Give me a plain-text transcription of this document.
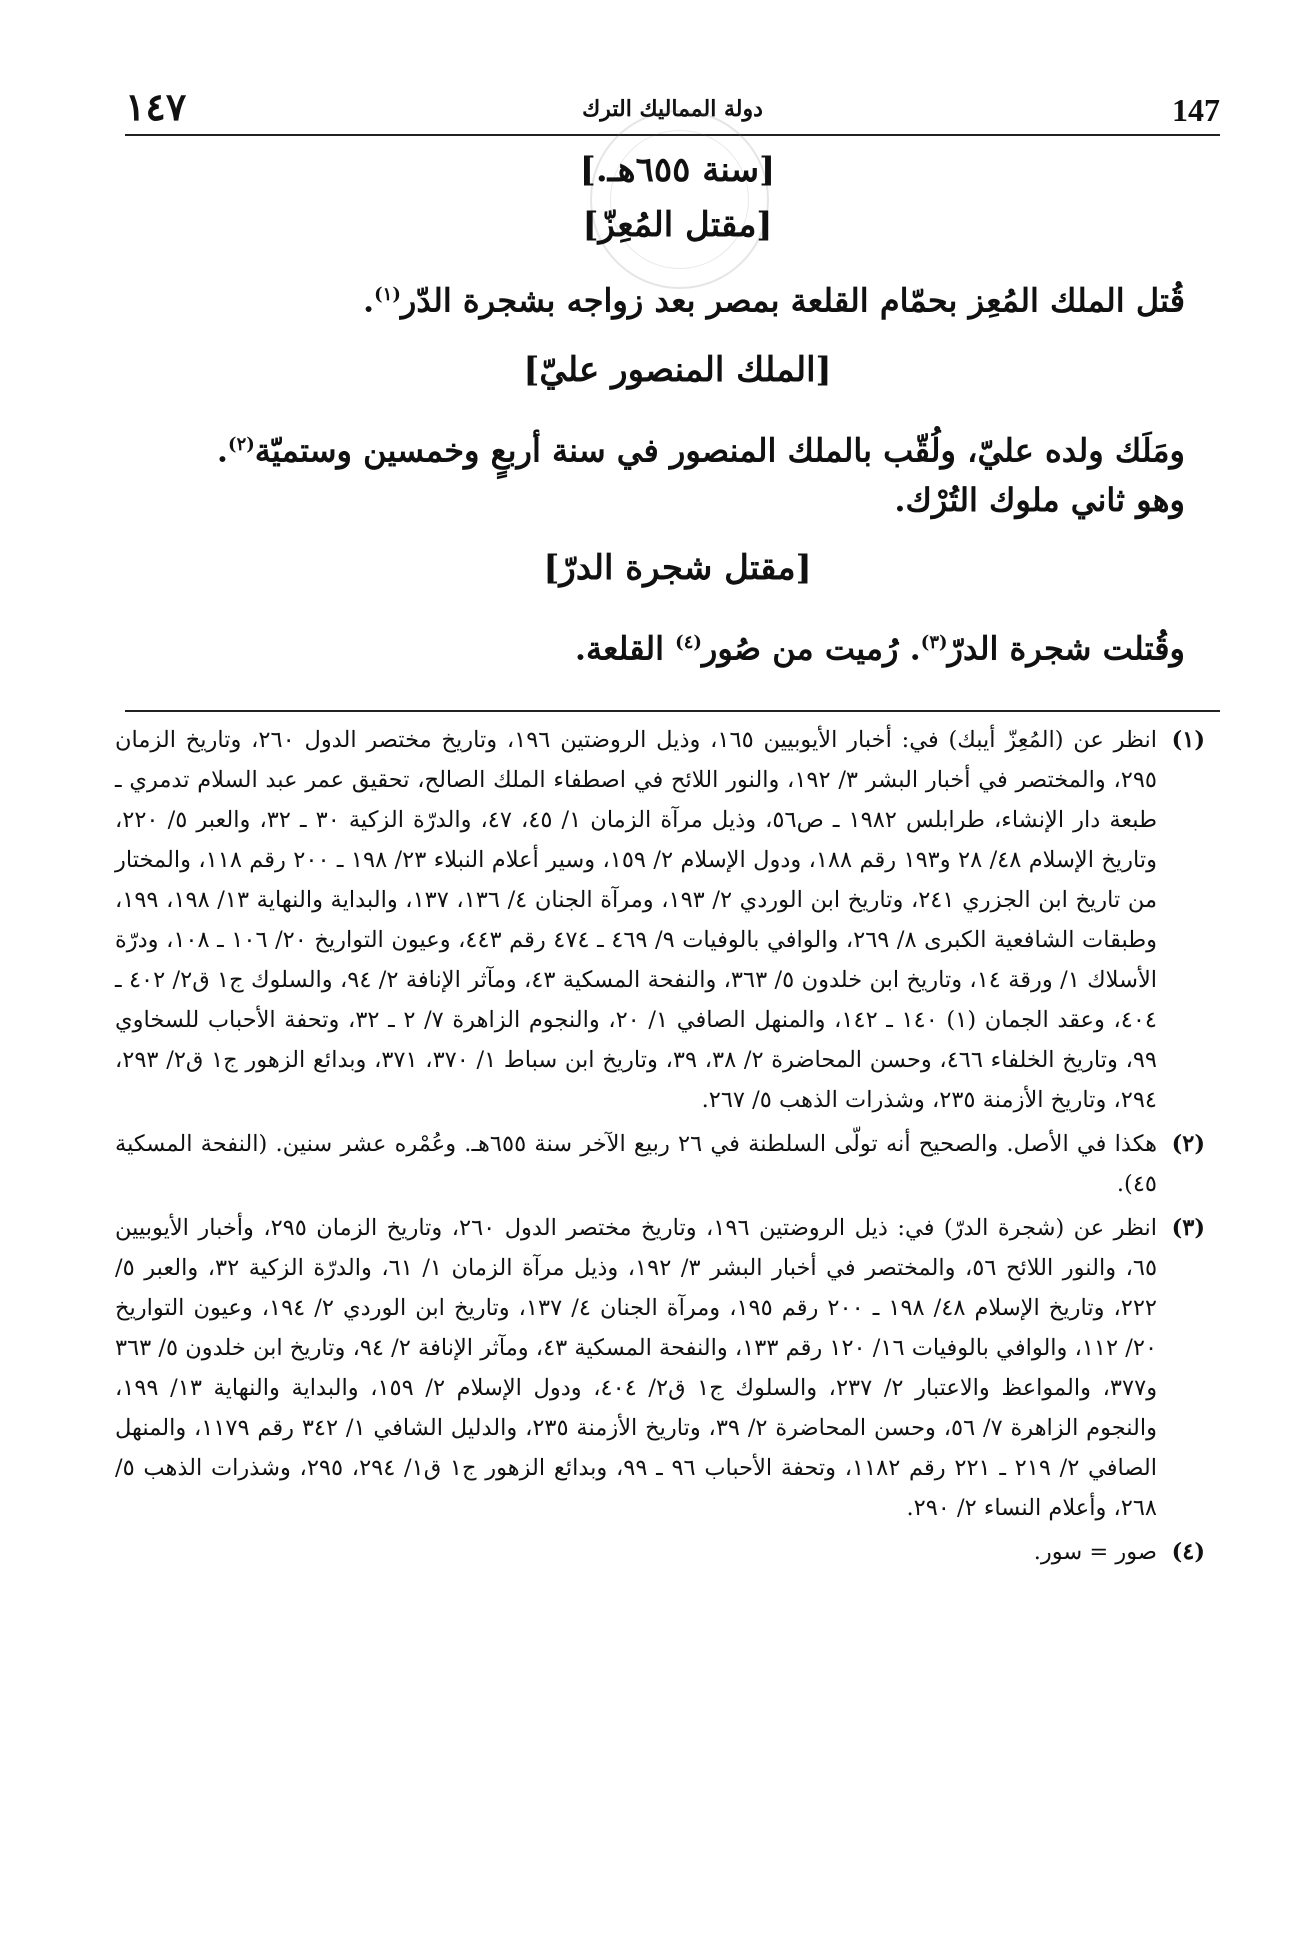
١٤٧	دولة المماليك الترك	147
[سنة ٦٥٥هـ.]
[مقتل المُعِزّ]
قُتل الملك المُعِز بحمّام القلعة بمصر بعد زواجه بشجرة الدّر$^{(١)}$.
[الملك المنصور عليّ]
ومَلَك ولده عليّ، ولُقّب بالملك المنصور في سنة أربعٍ وخمسين وستميّة$^{(٢)}$.
وهو ثاني ملوك التُرْك.
[مقتل شجرة الدرّ]
وقُتلت شجرة الدرّ$^{(٣)}$. رُميت من صُور$^{(٤)}$ القلعة.

(١)
انظر عن (المُعِزّ أيبك) في: أخبار الأيوبيين ١٦٥، وذيل الروضتين ١٩٦، وتاريخ مختصر الدول ٢٦٠، وتاريخ الزمان ٢٩٥، والمختصر في أخبار البشر ٣/ ١٩٢، والنور اللائح في اصطفاء الملك الصالح، تحقيق عمر عبد السلام تدمري ـ طبعة دار الإنشاء، طرابلس ١٩٨٢ ـ ص٥٦، وذيل مرآة الزمان ١/ ٤٥، ٤٧، والدرّة الزكية ٣٠ ـ ٣٢، والعبر ٥/ ٢٢٠، وتاريخ الإسلام ٤٨/ ٢٨ و١٩٣ رقم ١٨٨، ودول الإسلام ٢/ ١٥٩، وسير أعلام النبلاء ٢٣/ ١٩٨ ـ ٢٠٠ رقم ١١٨، والمختار من تاريخ ابن الجزري ٢٤١، وتاريخ ابن الوردي ٢/ ١٩٣، ومرآة الجنان ٤/ ١٣٦، ١٣٧، والبداية والنهاية ١٣/ ١٩٨، ١٩٩، وطبقات الشافعية الكبرى ٨/ ٢٦٩، والوافي بالوفيات ٩/ ٤٦٩ ـ ٤٧٤ رقم ٤٤٣، وعيون التواريخ ٢٠/ ١٠٦ ـ ١٠٨، ودرّة الأسلاك ١/ ورقة ١٤، وتاريخ ابن خلدون ٥/ ٣٦٣، والنفحة المسكية ٤٣، ومآثر الإنافة ٢/ ٩٤، والسلوك ج١ ق٢/ ٤٠٢ ـ ٤٠٤، وعقد الجمان (١) ١٤٠ ـ ١٤٢، والمنهل الصافي ١/ ٢٠، والنجوم الزاهرة ٧/ ٢ ـ ٣٢، وتحفة الأحباب للسخاوي ٩٩، وتاريخ الخلفاء ٤٦٦، وحسن المحاضرة ٢/ ٣٨، ٣٩، وتاريخ ابن سباط ١/ ٣٧٠، ٣٧١، وبدائع الزهور ج١ ق٢/ ٢٩٣، ٢٩٤، وتاريخ الأزمنة ٢٣٥، وشذرات الذهب ٥/ ٢٦٧.

(٢)
هكذا في الأصل. والصحيح أنه تولّى السلطنة في ٢٦ ربيع الآخر سنة ٦٥٥هـ. وعُمْره عشر سنين. (النفحة المسكية ٤٥).

(٣)
انظر عن (شجرة الدرّ) في: ذيل الروضتين ١٩٦، وتاريخ مختصر الدول ٢٦٠، وتاريخ الزمان ٢٩٥، وأخبار الأيوبيين ٦٥، والنور اللائح ٥٦، والمختصر في أخبار البشر ٣/ ١٩٢، وذيل مرآة الزمان ١/ ٦١، والدرّة الزكية ٣٢، والعبر ٥/ ٢٢٢، وتاريخ الإسلام ٤٨/ ١٩٨ ـ ٢٠٠ رقم ١٩٥، ومرآة الجنان ٤/ ١٣٧، وتاريخ ابن الوردي ٢/ ١٩٤، وعيون التواريخ ٢٠/ ١١٢، والوافي بالوفيات ١٦/ ١٢٠ رقم ١٣٣، والنفحة المسكية ٤٣، ومآثر الإنافة ٢/ ٩٤، وتاريخ ابن خلدون ٥/ ٣٦٣ و٣٧٧، والمواعظ والاعتبار ٢/ ٢٣٧، والسلوك ج١ ق٢/ ٤٠٤، ودول الإسلام ٢/ ١٥٩، والبداية والنهاية ١٣/ ١٩٩، والنجوم الزاهرة ٧/ ٥٦، وحسن المحاضرة ٢/ ٣٩، وتاريخ الأزمنة ٢٣٥، والدليل الشافي ١/ ٣٤٢ رقم ١١٧٩، والمنهل الصافي ٢/ ٢١٩ ـ ٢٢١ رقم ١١٨٢، وتحفة الأحباب ٩٦ ـ ٩٩، وبدائع الزهور ج١ ق١/ ٢٩٤، ٢٩٥، وشذرات الذهب ٥/ ٢٦٨، وأعلام النساء ٢/ ٢٩٠.

(٤)
صور = سور.
